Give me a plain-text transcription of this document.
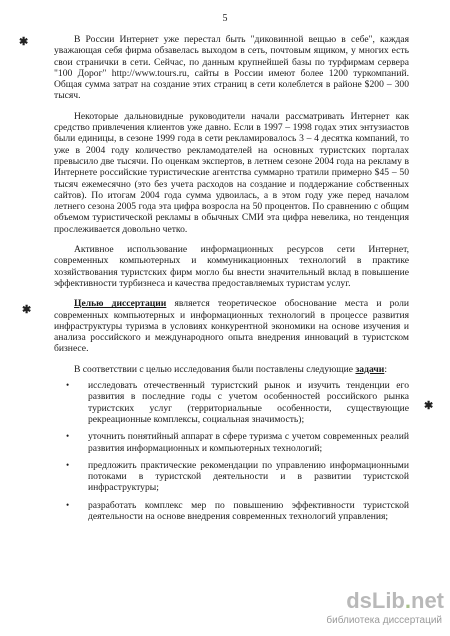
5
✱
✱
✱

В России Интернет уже перестал быть "диковинной вещью в себе", каждая уважающая себя фирма обзавелась выходом в сеть, почтовым ящиком, у многих есть свои странички в сети. Сейчас, по данным крупнейшей базы по турфирмам сервера "100 Дорог" http://www.tours.ru, сайты в России имеют более 1200 туркомпаний. Общая сумма затрат на создание этих страниц в сети колеблется в районе $200 – 300 тысяч.

Некоторые дальновидные руководители начали рассматривать Интернет как средство привлечения клиентов уже давно. Если в 1997 – 1998 годах этих энтузиастов были единицы, в сезоне 1999 года в сети рекламировалось 3 – 4 десятка компаний, то уже в 2004 году количество рекламодателей на основных туристских порталах превысило две тысячи. По оценкам экспертов, в летнем сезоне 2004 года на рекламу в Интернете российские туристические агентства суммарно тратили примерно $45 – 50 тысяч ежемесячно (это без учета расходов на создание и поддержание собственных сайтов). По итогам 2004 года сумма удвоилась, а в этом году уже перед началом летнего сезона 2005 года эта цифра возросла на 50 процентов. По сравнению с общим объемом туристической рекламы в обычных СМИ эта цифра невелика, но тенденция прослеживается довольно четко.

Активное использование информационных ресурсов сети Интернет, современных компьютерных и коммуникационных технологий в практике хозяйствования туристских фирм могло бы внести значительный вклад в повышение эффективности турбизнеса и качества предоставляемых туристам услуг.

Целью диссертации является теоретическое обоснование места и роли современных компьютерных и информационных технологий в процессе развития инфраструктуры туризма в условиях конкурентной экономики на основе изучения и анализа российского и международного опыта внедрения инноваций в туристском бизнесе.

В соответствии с целью исследования были поставлены следующие задачи:

• исследовать отечественный туристский рынок и изучить тенденции его развития в последние годы с учетом особенностей российского рынка туристских услуг (территориальные особенности, существующие рекреационные комплексы, социальная значимость);
• уточнить понятийный аппарат в сфере туризма с учетом современных реалий развития информационных и компьютерных технологий;
• предложить практические рекомендации по управлению информационными потоками в туристской деятельности и в развитии туристской инфраструктуры;
• разработать комплекс мер по повышению эффективности туристской деятельности на основе внедрения современных технологий управления;
dsLib.net
библиотека диссертаций
